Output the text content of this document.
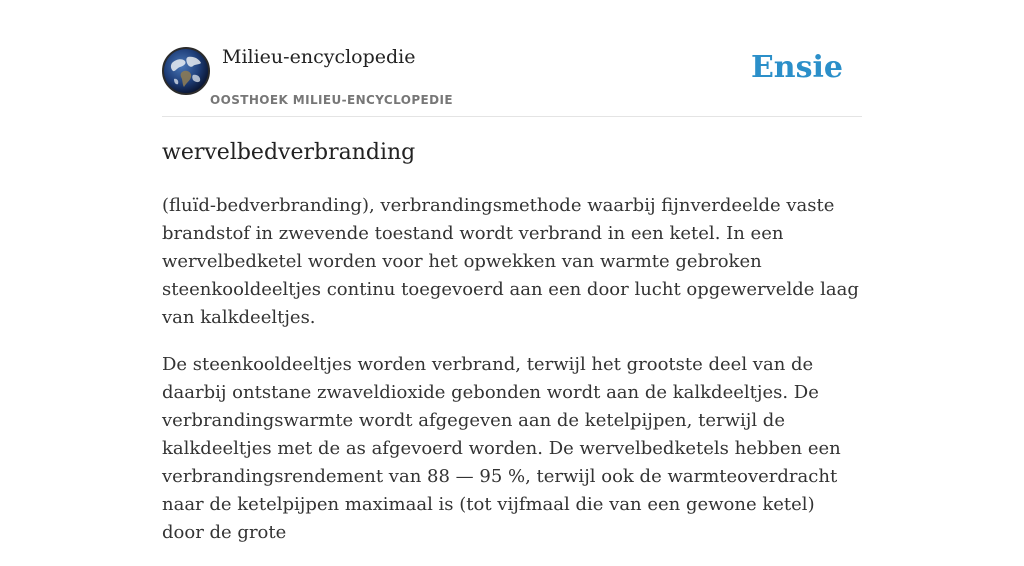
Milieu-encyclopedie
OOSTHOEK MILIEU-ENCYCLOPEDIE
Ensie
wervelbedverbranding

(fluïd-bedverbranding), verbrandingsmethode waarbij fijnverdeelde vaste brandstof in zwevende toestand wordt verbrand in een ketel. In een wervelbedketel worden voor het opwekken van warmte gebroken steenkooldeeltjes continu toegevoerd aan een door lucht opgewervelde laag van kalkdeeltjes.

De steenkooldeeltjes worden verbrand, terwijl het grootste deel van de daarbij ontstane zwaveldioxide gebonden wordt aan de kalkdeeltjes. De verbrandingswarmte wordt afgegeven aan de ketelpijpen, terwijl de kalkdeeltjes met de as afgevoerd worden. De wervelbedketels hebben een verbrandingsrendement van 88 — 95 %, terwijl ook de warmteoverdracht naar de ketelpijpen maximaal is (tot vijfmaal die van een gewone ketel) door de grote
